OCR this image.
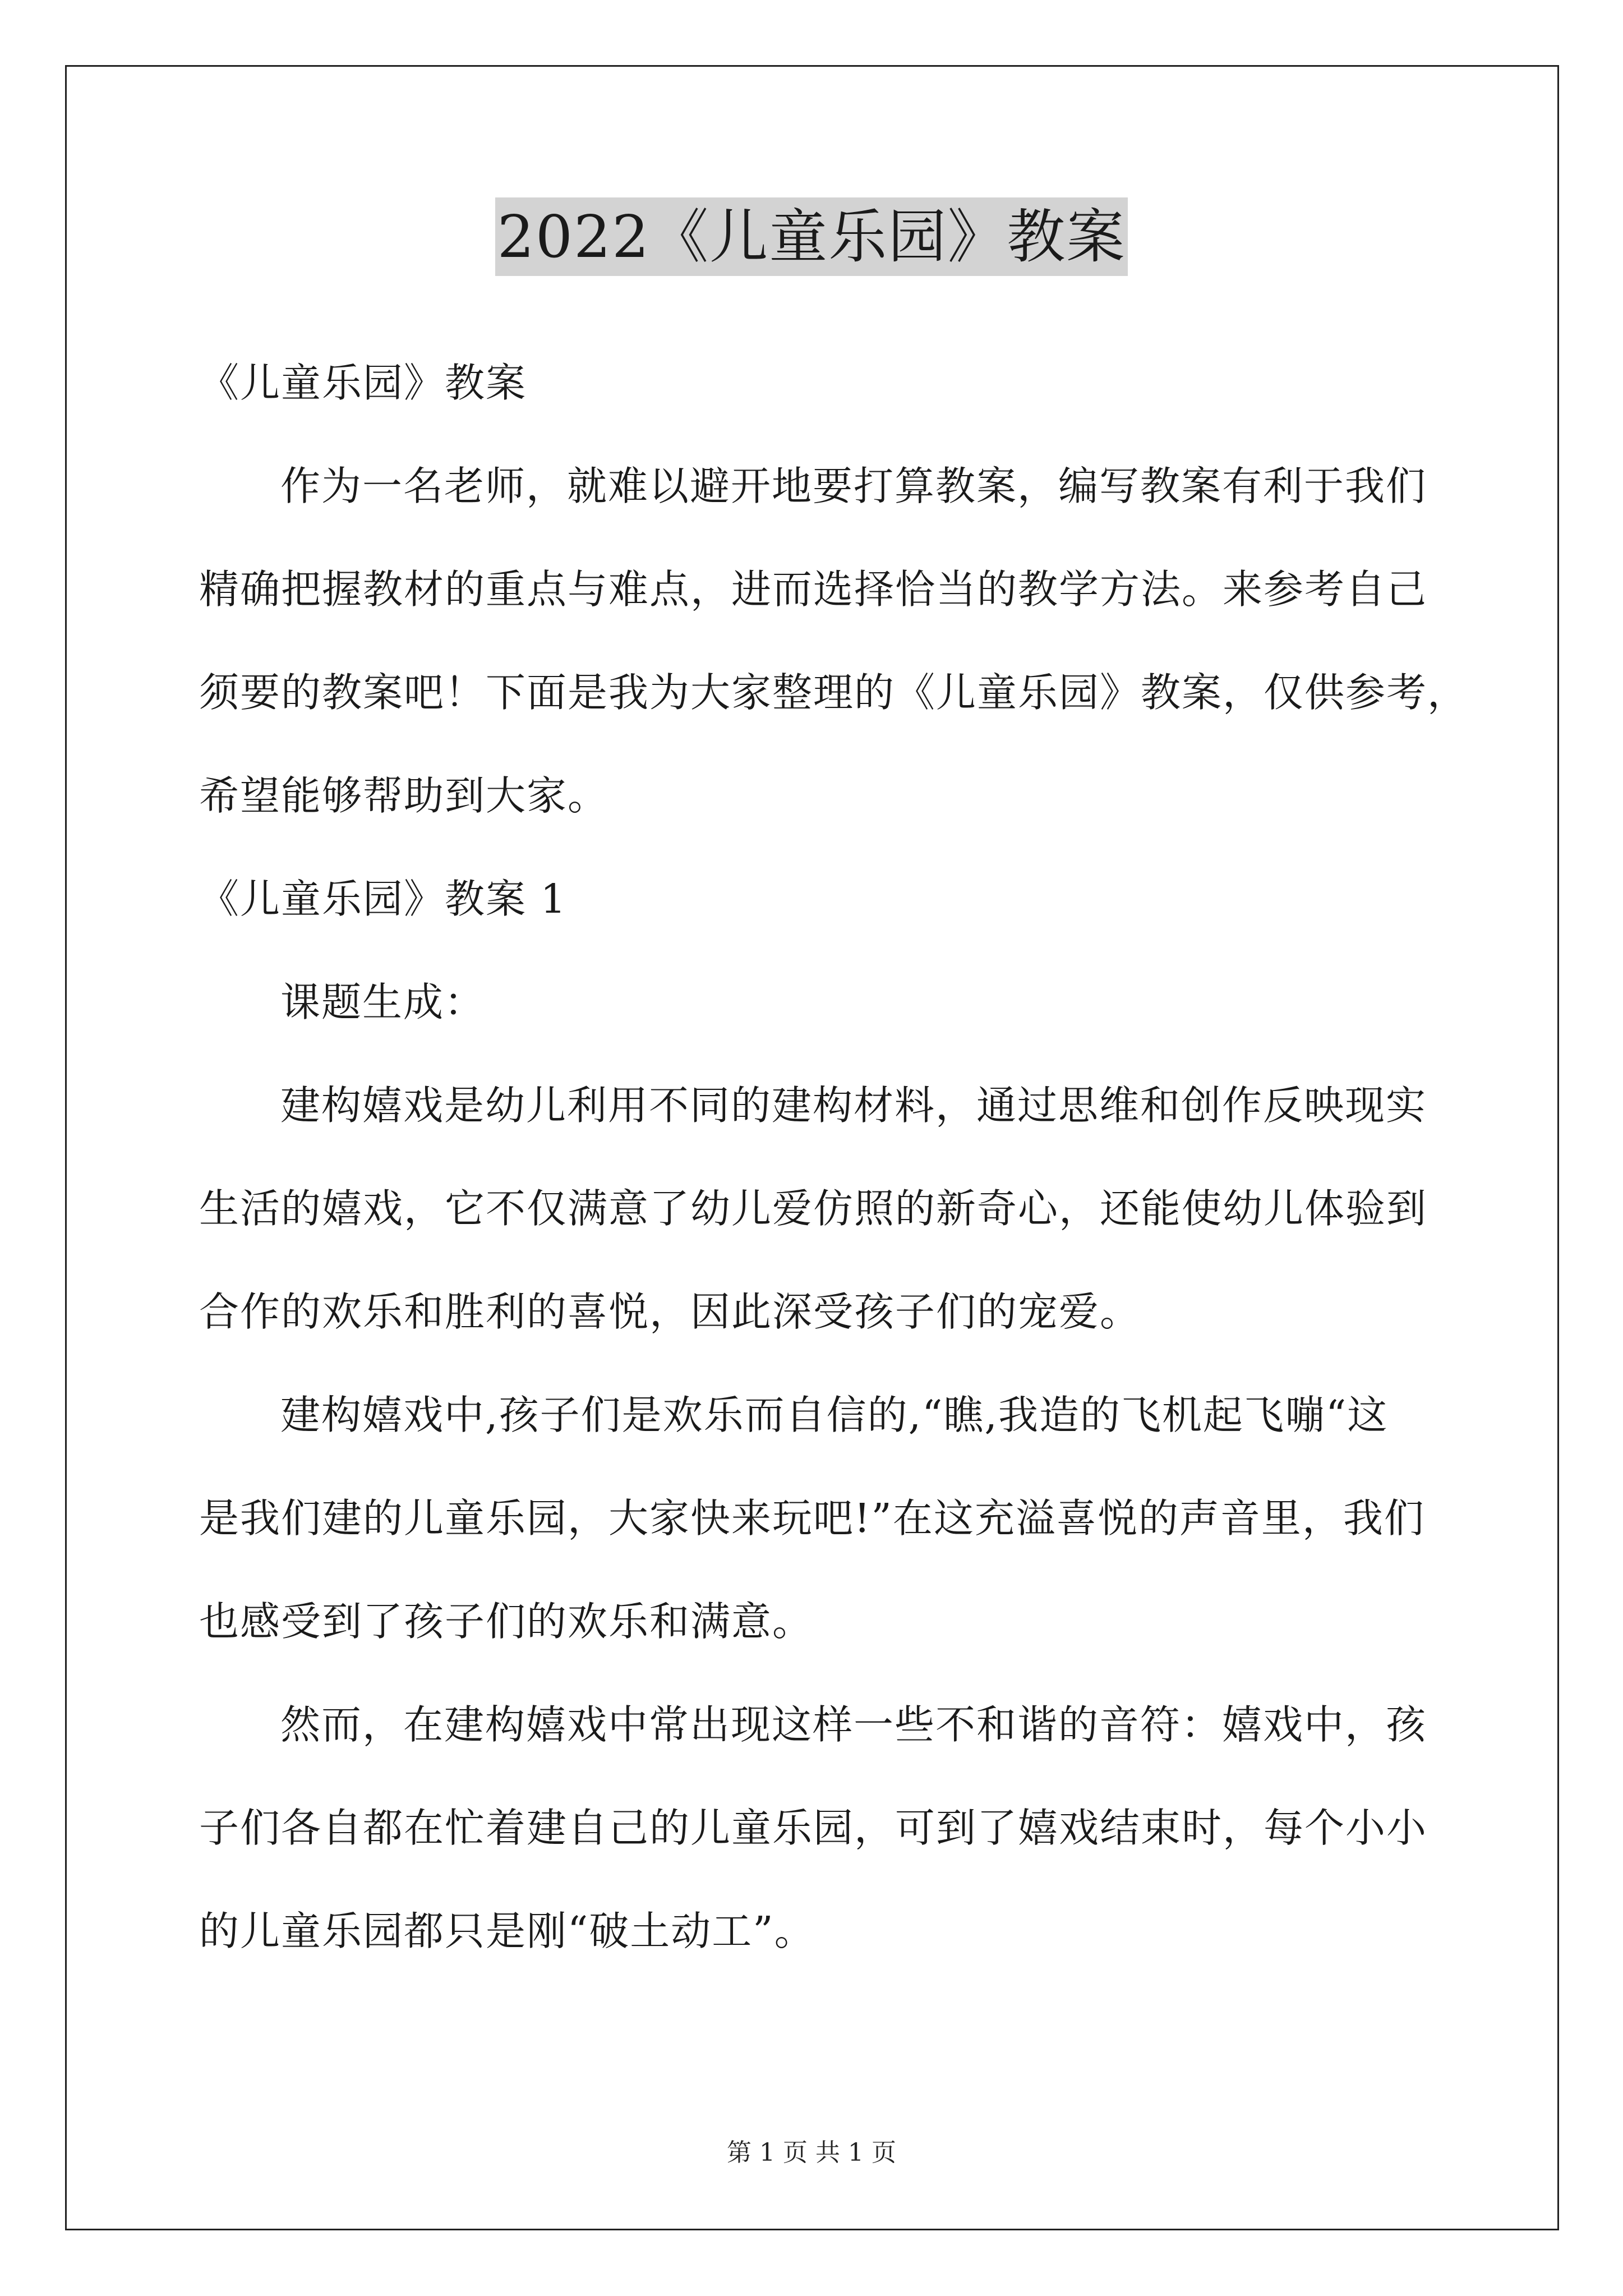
2022《儿童乐园》教案
《儿童乐园》教案
作为一名老师，就难以避开地要打算教案，编写教案有利于我们
精确把握教材的重点与难点，进而选择恰当的教学方法。来参考自己
须要的教案吧！下面是我为大家整理的《儿童乐园》教案，仅供参考，
希望能够帮助到大家。
《儿童乐园》教案 1
课题生成：
建构嬉戏是幼儿利用不同的建构材料，通过思维和创作反映现实
生活的嬉戏，它不仅满意了幼儿爱仿照的新奇心，还能使幼儿体验到
合作的欢乐和胜利的喜悦，因此深受孩子们的宠爱。
建构嬉戏中,孩子们是欢乐而自信的,“瞧,我造的飞机起飞嘣“这
是我们建的儿童乐园，大家快来玩吧!”在这充溢喜悦的声音里，我们
也感受到了孩子们的欢乐和满意。
然而，在建构嬉戏中常出现这样一些不和谐的音符：嬉戏中，孩
子们各自都在忙着建自己的儿童乐园，可到了嬉戏结束时，每个小小
的儿童乐园都只是刚“破土动工”。
第 1 页 共 1 页
